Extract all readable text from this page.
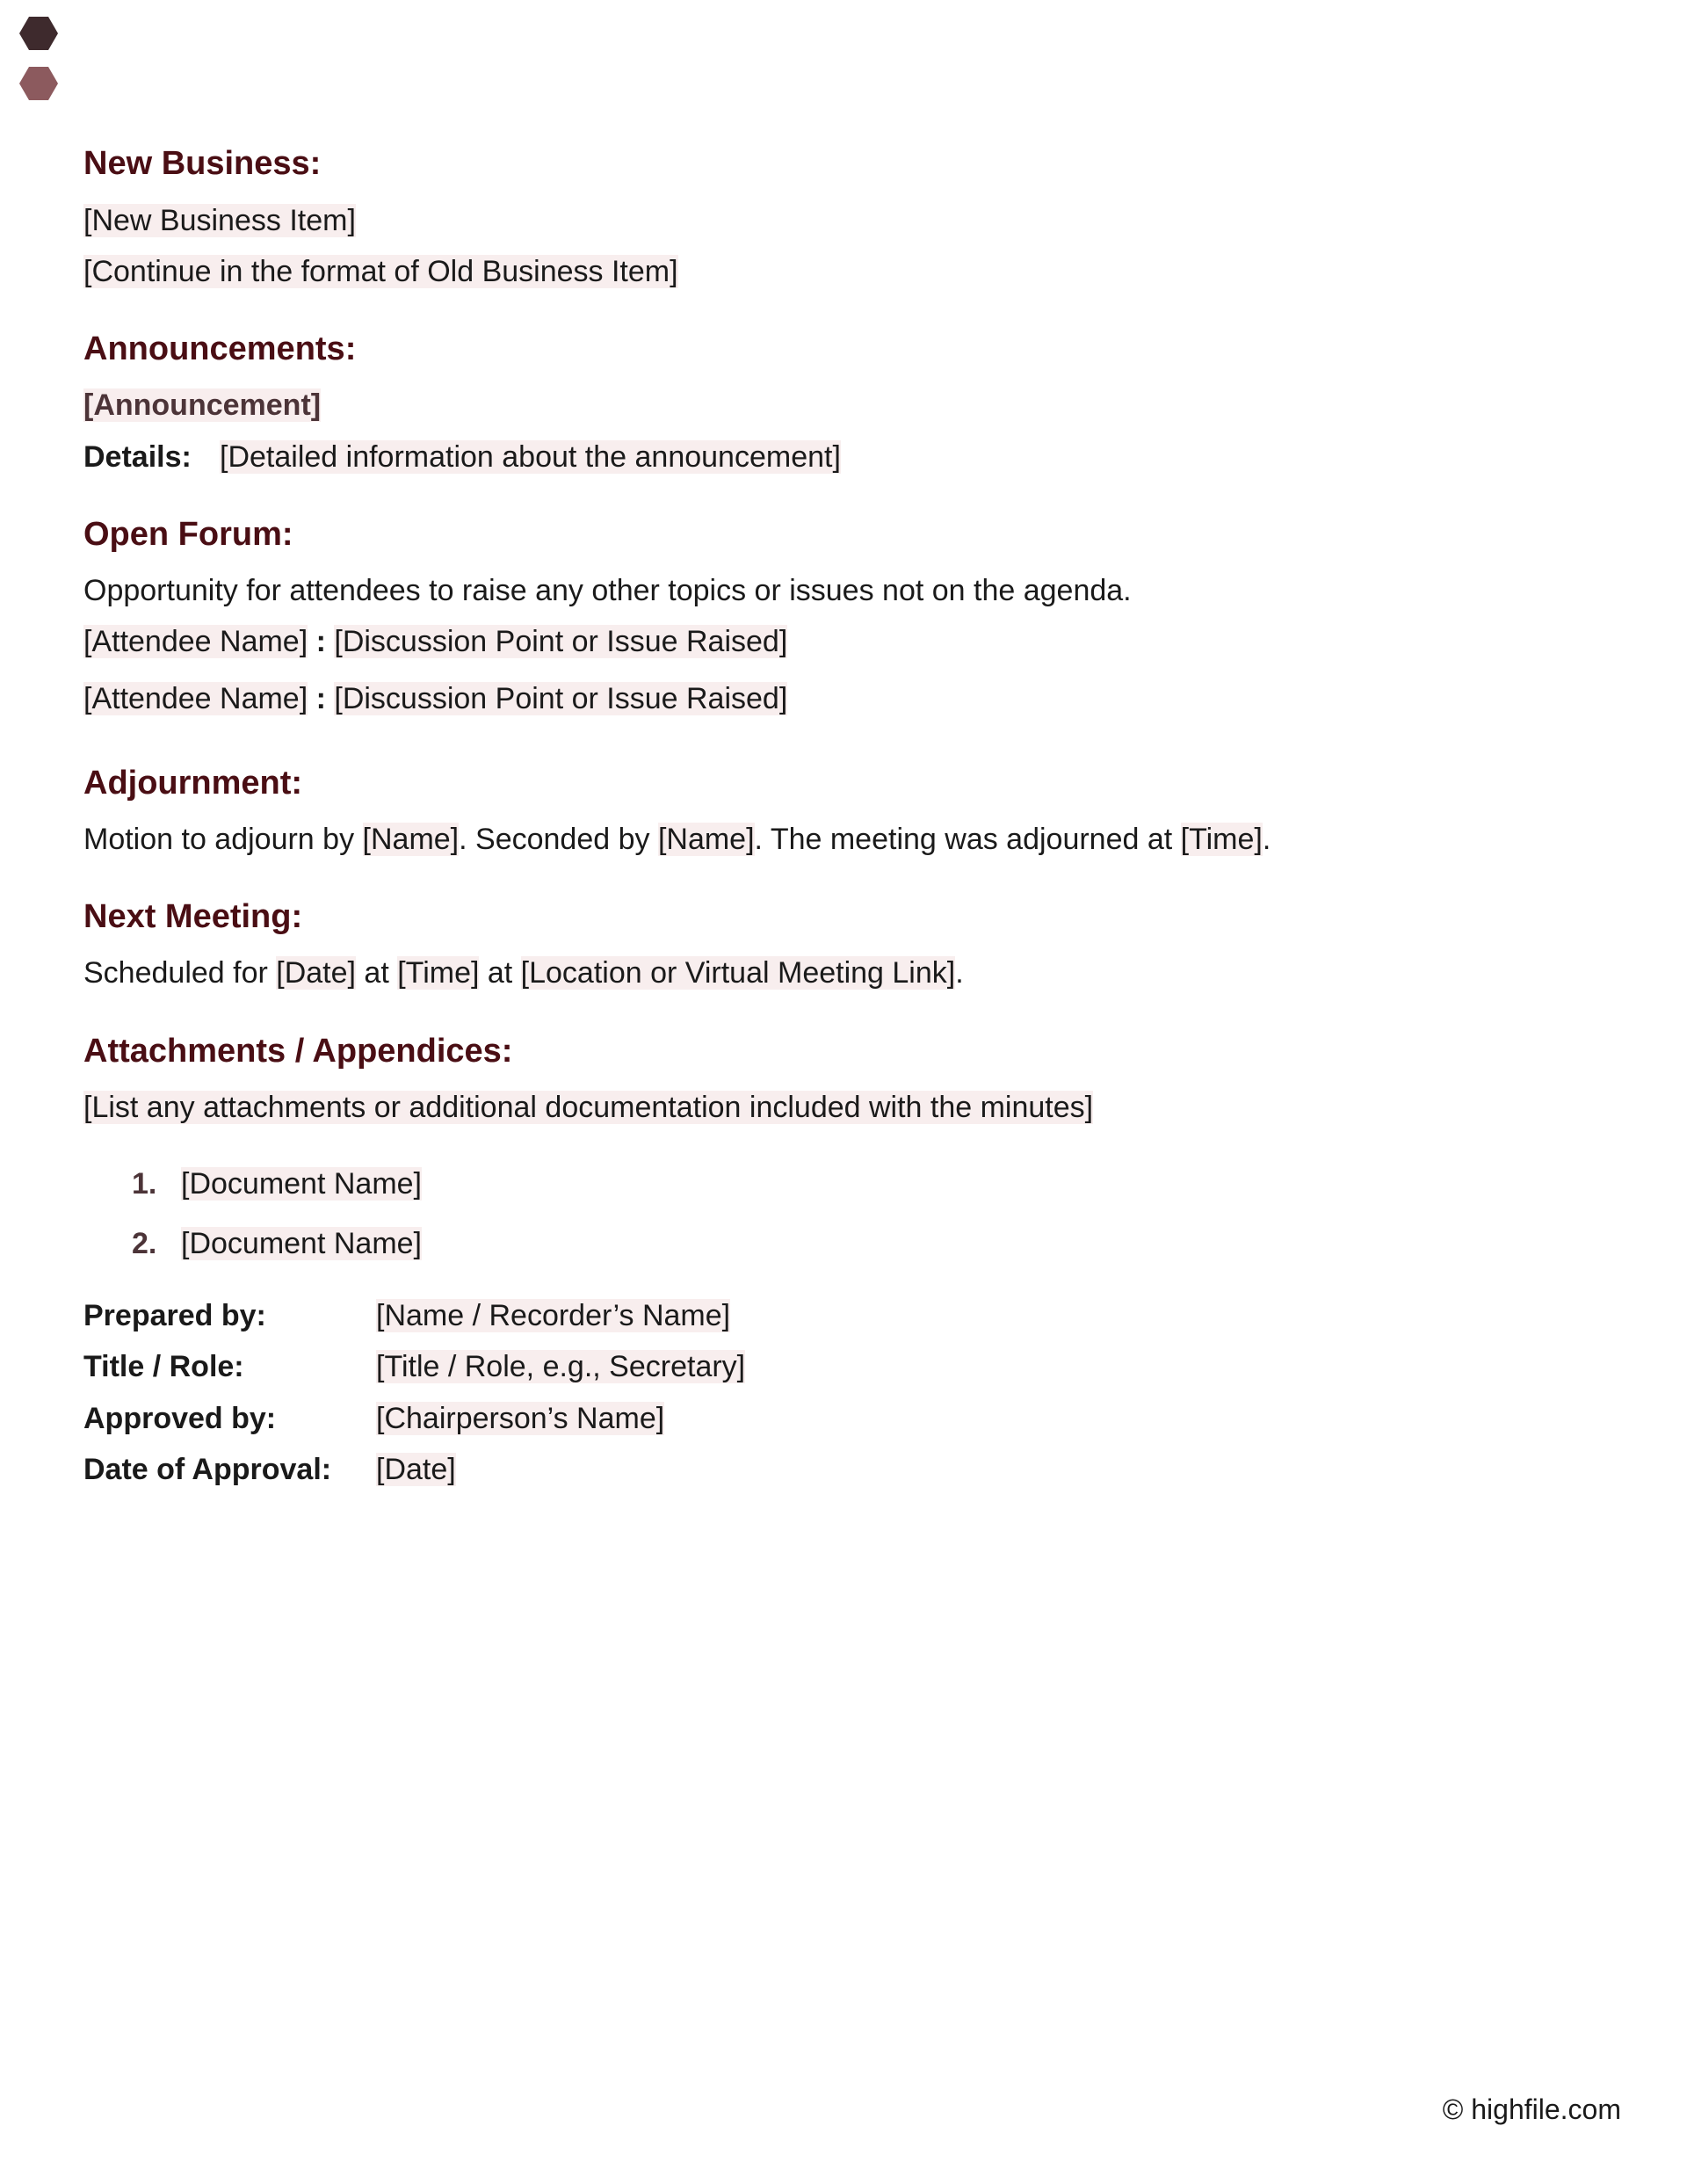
New Business:
[New Business Item]
[Continue in the format of Old Business Item]
Announcements:
[Announcement]
Details: [Detailed information about the announcement]
Open Forum:
Opportunity for attendees to raise any other topics or issues not on the agenda.
[Attendee Name] : [Discussion Point or Issue Raised]
[Attendee Name] : [Discussion Point or Issue Raised]
Adjournment:
Motion to adjourn by [Name]. Seconded by [Name]. The meeting was adjourned at [Time].
Next Meeting:
Scheduled for [Date] at [Time] at [Location or Virtual Meeting Link].
Attachments / Appendices:
[List any attachments or additional documentation included with the minutes]
1. [Document Name]
2. [Document Name]
Prepared by:	[Name / Recorder’s Name]
Title / Role:	[Title / Role, e.g., Secretary]
Approved by:	[Chairperson’s Name]
Date of Approval: [Date]
© highfile.com
